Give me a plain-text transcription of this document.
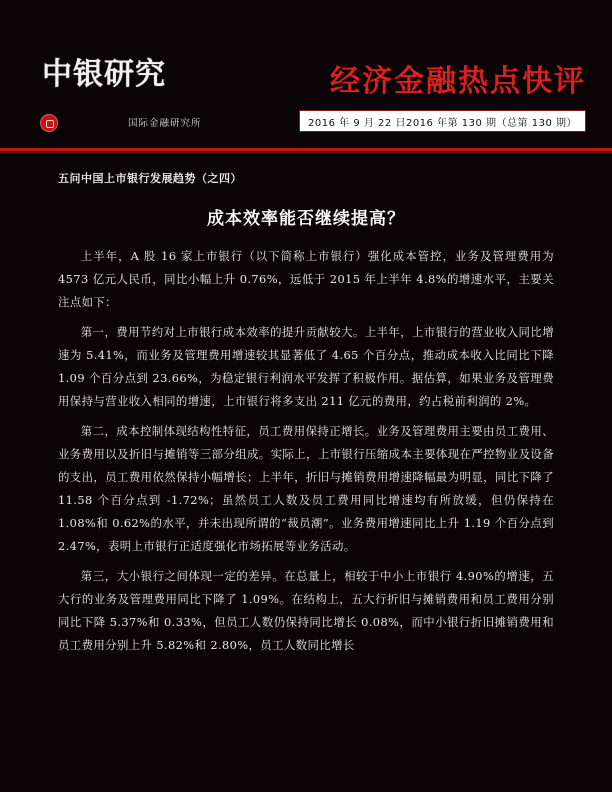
中银研究	经济金融热点快评
国际金融研究所	2016 年 9 月 22 日 2016 年第 130 期（总第 130 期）
五问中国上市银行发展趋势（之四）
成本效率能否继续提高？

上半年，A 股 16 家上市银行（以下简称上市银行）强化成本管控，业务及管理费用为 4573 亿元人民币，同比小幅上升 0.76%，远低于 2015 年上半年 4.8%的增速水平，主要关注点如下：

第一，费用节约对上市银行成本效率的提升贡献较大。上半年，上市银行的营业收入同比增速为 5.41%，而业务及管理费用增速较其显著低了 4.65 个百分点，推动成本收入比同比下降 1.09 个百分点到 23.66%，为稳定银行利润水平发挥了积极作用。据估算，如果业务及管理费用保持与营业收入相同的增速，上市银行将多支出 211 亿元的费用，约占税前利润的 2%。

第二，成本控制体现结构性特征，员工费用保持正增长。业务及管理费用主要由员工费用、业务费用以及折旧与摊销等三部分组成。实际上，上市银行压缩成本主要体现在严控物业及设备的支出，员工费用依然保持小幅增长；上半年，折旧与摊销费用增速降幅最为明显，同比下降了 11.58 个百分点到 -1.72%；虽然员工人数及员工费用同比增速均有所放缓，但仍保持在 1.08%和 0.62%的水平，并未出现所谓的“裁员潮”。业务费用增速同比上升 1.19 个百分点到 2.47%，表明上市银行正适度强化市场拓展等业务活动。

第三，大小银行之间体现一定的差异。在总量上，相较于中小上市银行 4.90%的增速，五大行的业务及管理费用同比下降了 1.09%。在结构上，五大行折旧与摊销费用和员工费用分别同比下降 5.37%和 0.33%，但员工人数仍保持同比增长 0.08%，而中小银行折旧摊销费用和员工费用分别上升 5.82%和 2.80%，员工人数同比增长
